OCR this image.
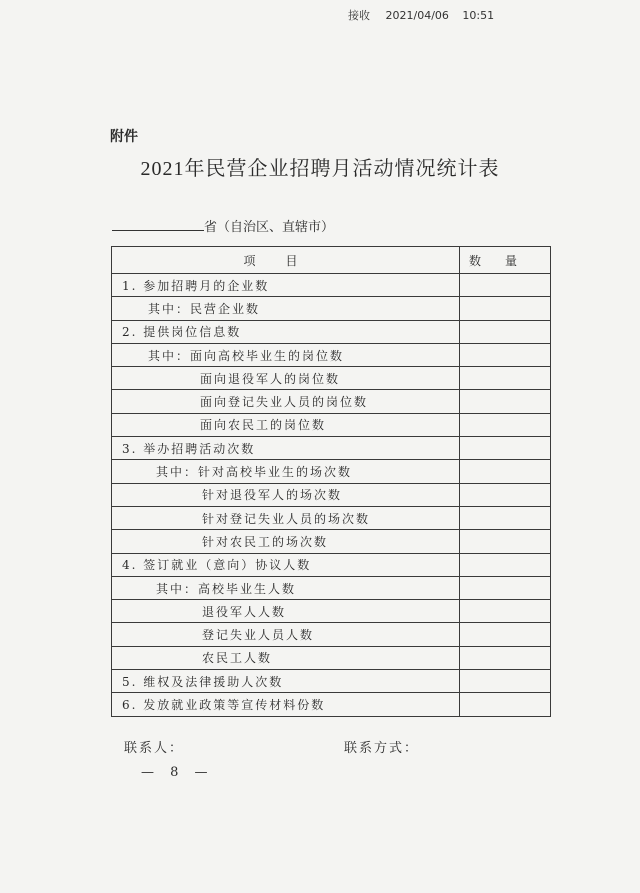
接收 2021/04/06 10:51
附件
2021年民营企业招聘月活动情况统计表
省（自治区、直辖市）
项目	数量
1. 参加招聘月的企业数	
其中：民营企业数	
2. 提供岗位信息数	
其中：面向高校毕业生的岗位数	
面向退役军人的岗位数	
面向登记失业人员的岗位数	
面向农民工的岗位数	
3. 举办招聘活动次数	
其中：针对高校毕业生的场次数	
针对退役军人的场次数	
针对登记失业人员的场次数	
针对农民工的场次数	
4. 签订就业（意向）协议人数	
其中：高校毕业生人数	
退役军人人数	
登记失业人员人数	
农民工人数	
5. 维权及法律援助人次数	
6. 发放就业政策等宣传材料份数	
联系人：	联系方式：
— 8 —
